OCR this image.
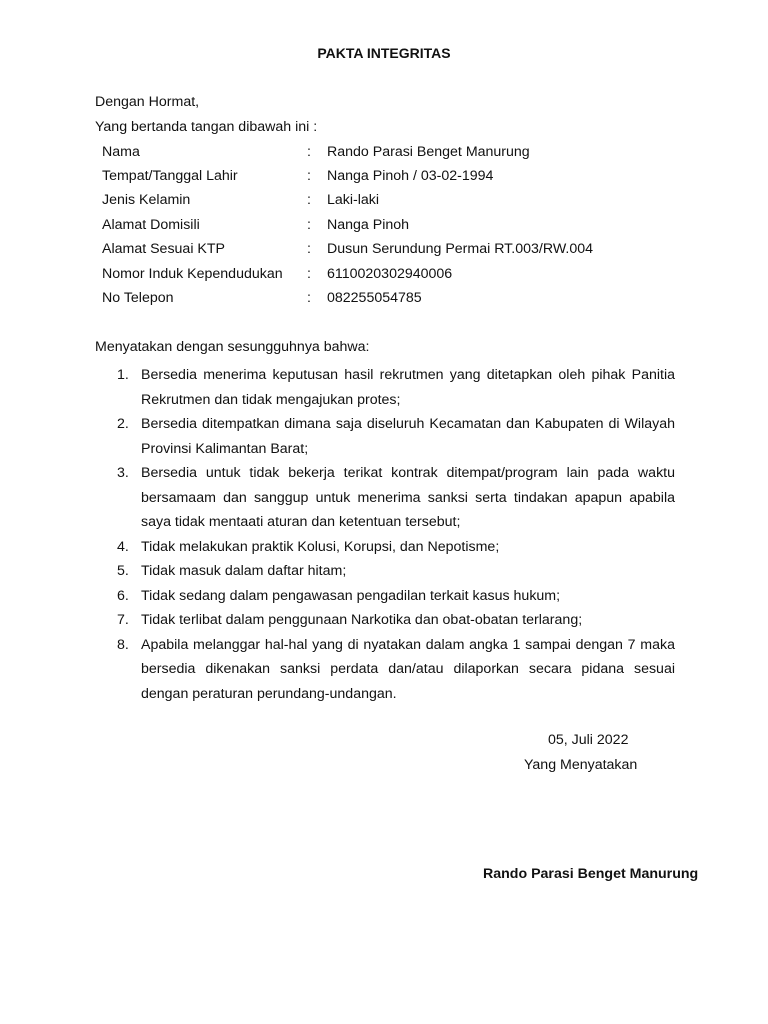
PAKTA INTEGRITAS
Dengan Hormat,
Yang bertanda tangan dibawah ini :
Nama	: Rando Parasi Benget Manurung
Tempat/Tanggal Lahir	: Nanga Pinoh / 03-02-1994
Jenis Kelamin	: Laki-laki
Alamat Domisili	: Nanga Pinoh
Alamat Sesuai KTP	: Dusun Serundung Permai RT.003/RW.004
Nomor Induk Kependudukan : 6110020302940006
No Telepon	: 082255054785
Menyatakan dengan sesungguhnya bahwa:
1. Bersedia menerima keputusan hasil rekrutmen yang ditetapkan oleh pihak Panitia Rekrutmen dan tidak mengajukan protes;
2. Bersedia ditempatkan dimana saja diseluruh Kecamatan dan Kabupaten di Wilayah Provinsi Kalimantan Barat;
3. Bersedia untuk tidak bekerja terikat kontrak ditempat/program lain pada waktu bersamaam dan sanggup untuk menerima sanksi serta tindakan apapun apabila saya tidak mentaati aturan dan ketentuan tersebut;
4. Tidak melakukan praktik Kolusi, Korupsi, dan Nepotisme;
5. Tidak masuk dalam daftar hitam;
6. Tidak sedang dalam pengawasan pengadilan terkait kasus hukum;
7. Tidak terlibat dalam penggunaan Narkotika dan obat-obatan terlarang;
8. Apabila melanggar hal-hal yang di nyatakan dalam angka 1 sampai dengan 7 maka bersedia dikenakan sanksi perdata dan/atau dilaporkan secara pidana sesuai dengan peraturan perundang-undangan.
05, Juli 2022
Yang Menyatakan
Rando Parasi Benget Manurung
